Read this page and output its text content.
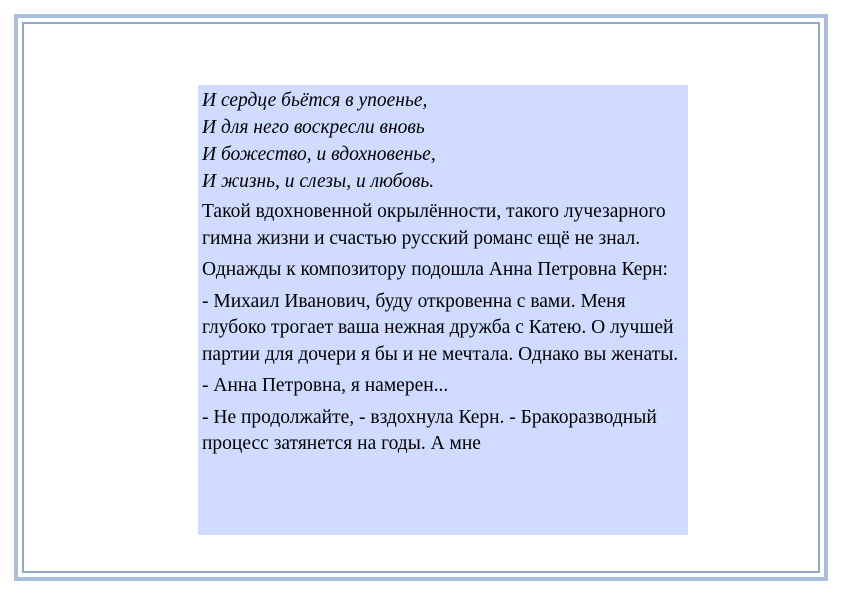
И сердце бьётся в упоенье,
И для него воскресли вновь
И божество, и вдохновенье,
И жизнь, и слезы, и любовь.
Такой вдохновенной окрылённости, такого лучезарного гимна жизни и счастью русский романс ещё не знал.
Однажды к композитору подошла Анна Петровна Керн:
- Михаил Иванович, буду откровенна с вами. Меня глубоко трогает ваша нежная дружба с Катею. О лучшей партии для дочери я бы и не мечтала. Однако вы женаты.
- Анна Петровна, я намерен...
- Не продолжайте, - вздохнула Керн. - Бракоразводный процесс затянется на годы. А мне
